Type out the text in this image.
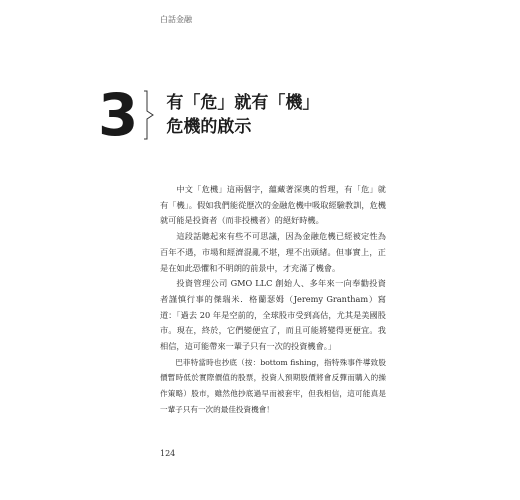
白話金融
3 有「危」就有「機」
危機的啟示

中文「危機」這兩個字，蘊藏著深奧的哲理，有「危」就有「機」。假如我們能從歷次的金融危機中吸取經驗教訓，危機就可能是投資者（而非投機者）的絕好時機。

這段話聽起來有些不可思議，因為金融危機已經被定性為百年不遇，市場和經濟混亂不堪，理不出頭緒。但事實上，正是在如此恐懼和不明朗的前景中，才充滿了機會。

投資管理公司 GMO LLC 創始人、多年來一向奉勸投資者謹慎行事的傑瑞米．格蘭瑟姆（Jeremy Grantham）寫道：「過去 20 年是空前的，全球股市受到高估，尤其是美國股市。現在，終於，它們變便宜了，而且可能將變得更便宜。我相信，這可能帶來一輩子只有一次的投資機會。」

巴菲特當時也抄底（按：bottom fishing，指特殊事件導致股價暫時低於實際價值的股票，投資人預期股價將會反彈而購入的操作策略）股市，雖然他抄底過早而被套牢，但我相信，這可能真是一輩子只有一次的最佳投資機會！

124
